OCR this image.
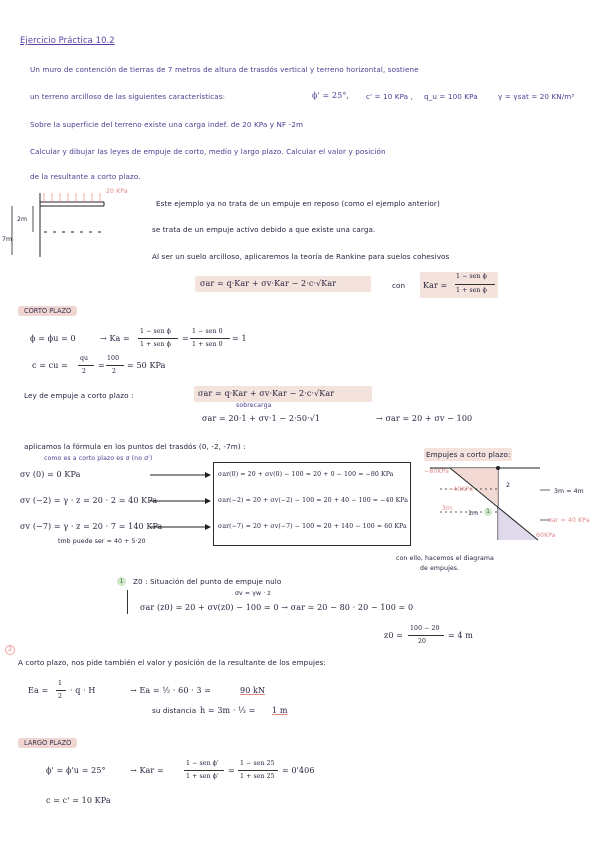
Ejercicio Práctica 10.2
Un muro de contención de tierras de 7 metros de altura de trasdós vertical y terreno horizontal, sostiene
un terreno arcilloso de las siguientes características:	ϕ' = 25°, c' = 10 KPa , q_u = 100 KPa	γ = γsat = 20 KN/m³
Sobre la superficie del terreno existe una carga indef. de 20 KPa y NF -2m
Calcular y dibujar las leyes de empuje de corto, medio y largo plazo. Calcular el valor y posición
de la resultante a corto plazo.
20 KPa
2m
7m
Este ejemplo ya no trata de un empuje en reposo (como el ejemplo anterior)
se trata de un empuje activo debido a que existe una carga.
Al ser un suelo arcilloso, aplicaremos la teoría de Rankine para suelos cohesivos
σar = q·Kar + σv·Kar − 2·c·√Kar	con Kar =
1 − sen ϕ
1 + sen ϕ
CORTO PLAZO
ϕ = ϕu = 0	→ Ka =
1 − sen ϕ
1 + sen ϕ
=
1 − sen 0
1 + sen 0
= 1
c = cu =
qu
2
=
100
2
= 50 KPa
Ley de empuje a corto plazo :	σar = q·Kar + σv·Kar − 2·c·√Kar
sobrecarga
σar = 20·1 + σv·1 − 2·50·√1	→ σar = 20 + σv − 100
aplicamos la fórmula en los puntos del trasdós (0, -2, -7m) :
como es a corto plazo es σ (no σ')
σv (0) = 0 KPa
σv (−2) = γ · z = 20 · 2 = 40 KPa
σv (−7) = γ · z = 20 · 7 = 140 KPa
tmb puede ser = 40 + 5·20
σar(0) = 20 + σv(0) − 100 = 20 + 0 − 100 = −80 KPa
σar(−2) = 20 + σv(−2) − 100 = 20 + 40 − 100 = −40 KPa
σar(−7) = 20 + σv(−7) − 100 = 20 + 140 − 100 = 60 KPa
Empujes a corto plazo:
−80KPa
−40KPa
2
3m
1m
3m = 4m
60KPa
σar = 40 KPa
1
con ello, hacemos el diagrama
de empujes.
1	Z0 : Situación del punto de empuje nulo
σv = γw · z
σar (z0) = 20 + σv(z0) − 100 = 0 → σar = 20 − 80 · 20 − 100 = 0
z0 =
100 − 20
20
= 4 m
2
A corto plazo, nos pide también el valor y posición de la resultante de los empujes:
Ea =
1
2
· q · H	→ Ea = ½ · 60 · 3 =	90 kN
su distancia h = 3m · ⅓ = 1 m
LARGO PLAZO
ϕ' = ϕ'u = 25°	→ Kar =
1 − sen ϕ'
1 + sen ϕ'
=
1 − sen 25
1 + sen 25
= 0'406
c = c' = 10 KPa
